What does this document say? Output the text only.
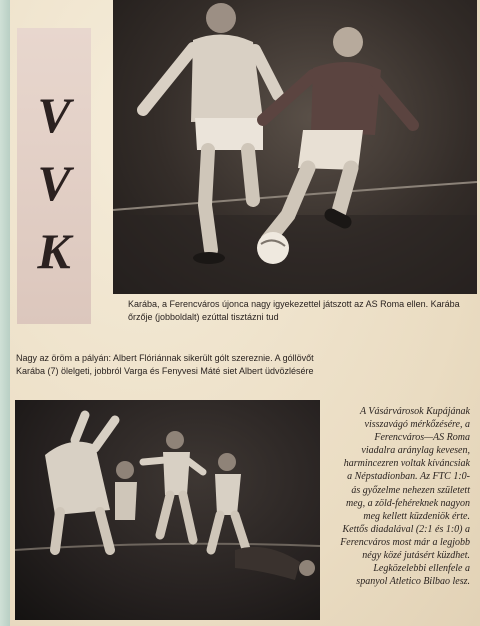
V
V
K
Karába, a Ferencváros újonca nagy igyekezettel játszott az AS Roma ellen. Karába őrzője (jobboldalt) ezúttal tisztázni tud
Nagy az öröm a pályán: Albert Flóriánnak sikerült gólt szereznie. A góllövőt Karába (7) ölelgeti, jobbról Varga és Fenyvesi Máté siet Albert üdvözlésére
A Vásárvárosok Kupájának visszavágó mérkőzésére, a Ferencváros—AS Roma viadalra aránylag kevesen, harmincezren voltak kíváncsiak a Népstadionban. Az FTC 1:0-ás győzelme nehezen született meg, a zöld-fehéreknek nagyon meg kellett küzdeniök érte. Kettős diadalával (2:1 és 1:0) a Ferencváros most már a legjobb négy közé jutásért küzdhet. Legközelebbi ellenfele a spanyol Atletico Bilbao lesz.
